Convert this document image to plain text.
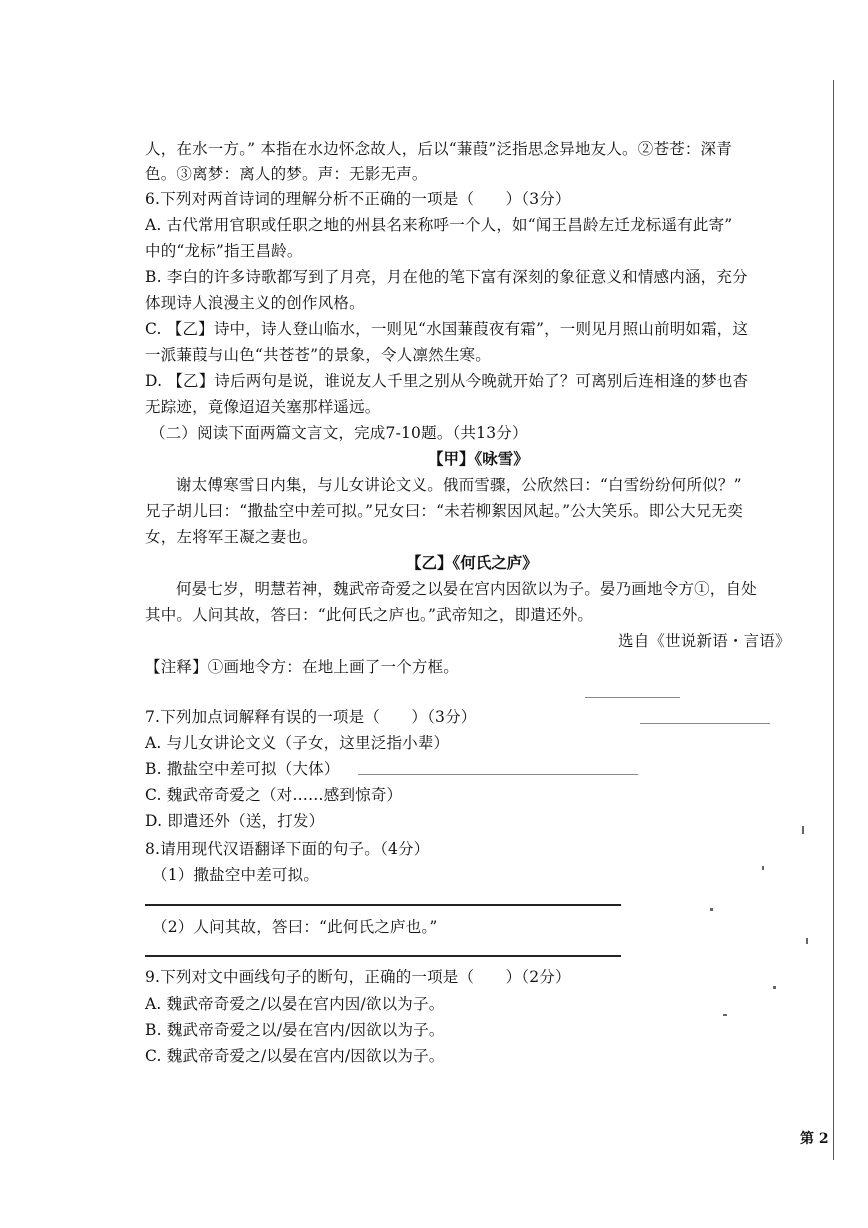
人，在水一方。” 本指在水边怀念故人，后以“蒹葭”泛指思念异地友人。②苍苍：深青
色。③离梦：离人的梦。声：无影无声。
6.下列对两首诗词的理解分析不正确的一项是（　　）（3分）
A. 古代常用官职或任职之地的州县名来称呼一个人，如“闻王昌龄左迁龙标遥有此寄”
中的“龙标”指王昌龄。
B. 李白的许多诗歌都写到了月亮，月在他的笔下富有深刻的象征意义和情感内涵，充分
体现诗人浪漫主义的创作风格。
C. 【乙】诗中，诗人登山临水，一则见“水国蒹葭夜有霜”，一则见月照山前明如霜，这
一派蒹葭与山色“共苍苍”的景象，令人凛然生寒。
D. 【乙】诗后两句是说，谁说友人千里之别从今晚就开始了？可离别后连相逢的梦也杳
无踪迹，竟像迢迢关塞那样遥远。
（二）阅读下面两篇文言文，完成7-10题。（共13分）
【甲】《咏雪》
谢太傅寒雪日内集，与儿女讲论文义。俄而雪骤，公欣然曰：“白雪纷纷何所似？”
兄子胡儿曰：“撒盐空中差可拟。”兄女曰：“未若柳絮因风起。”公大笑乐。即公大兄无奕
女，左将军王凝之妻也。
【乙】《何氏之庐》
何晏七岁，明慧若神，魏武帝奇爱之以晏在宫内因欲以为子。晏乃画地令方①，自处
其中。人问其故，答曰：“此何氏之庐也。”武帝知之，即遣还外。
选自《世说新语・言语》
【注释】①画地令方：在地上画了一个方框。
7.下列加点词解释有误的一项是（　　）（3分）
A. 与儿女讲论文义（子女，这里泛指小辈）
B. 撒盐空中差可拟（大体）
C. 魏武帝奇爱之（对……感到惊奇）
D. 即遣还外（送，打发）
8.请用现代汉语翻译下面的句子。（4分）
（1）撒盐空中差可拟。
（2）人问其故，答曰：“此何氏之庐也。”
9.下列对文中画线句子的断句，正确的一项是（　　）（2分）
A. 魏武帝奇爱之/以晏在宫内因/欲以为子。
B. 魏武帝奇爱之以/晏在宫内/因欲以为子。
C. 魏武帝奇爱之/以晏在宫内/因欲以为子。
第 2
